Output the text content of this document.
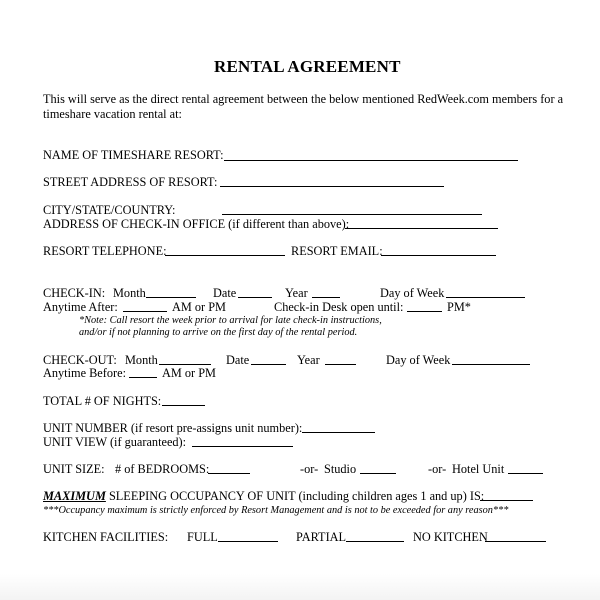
RENTAL AGREEMENT
This will serve as the direct rental agreement between the below mentioned RedWeek.com members for a
timeshare vacation rental at:
NAME OF TIMESHARE RESORT:
STREET ADDRESS OF RESORT:
CITY/STATE/COUNTRY:
ADDRESS OF CHECK-IN OFFICE (if different than above):
RESORT TELEPHONE:	RESORT EMAIL:
CHECK-IN: Month	Date	Year	Day of Week
Anytime After:	AM or PM	Check-in Desk open until:	PM*
*Note: Call resort the week prior to arrival for late check-in instructions,
and/or if not planning to arrive on the first day of the rental period.
CHECK-OUT: Month	Date	Year	Day of Week
Anytime Before:	AM or PM
TOTAL # OF NIGHTS:
UNIT NUMBER (if resort pre-assigns unit number):
UNIT VIEW (if guaranteed):
UNIT SIZE: # of BEDROOMS:	-or- Studio	-or- Hotel Unit
MAXIMUM SLEEPING OCCUPANCY OF UNIT (including children ages 1 and up) IS:
***Occupancy maximum is strictly enforced by Resort Management and is not to be exceeded for any reason***
KITCHEN FACILITIES: FULL	PARTIAL	NO KITCHEN
